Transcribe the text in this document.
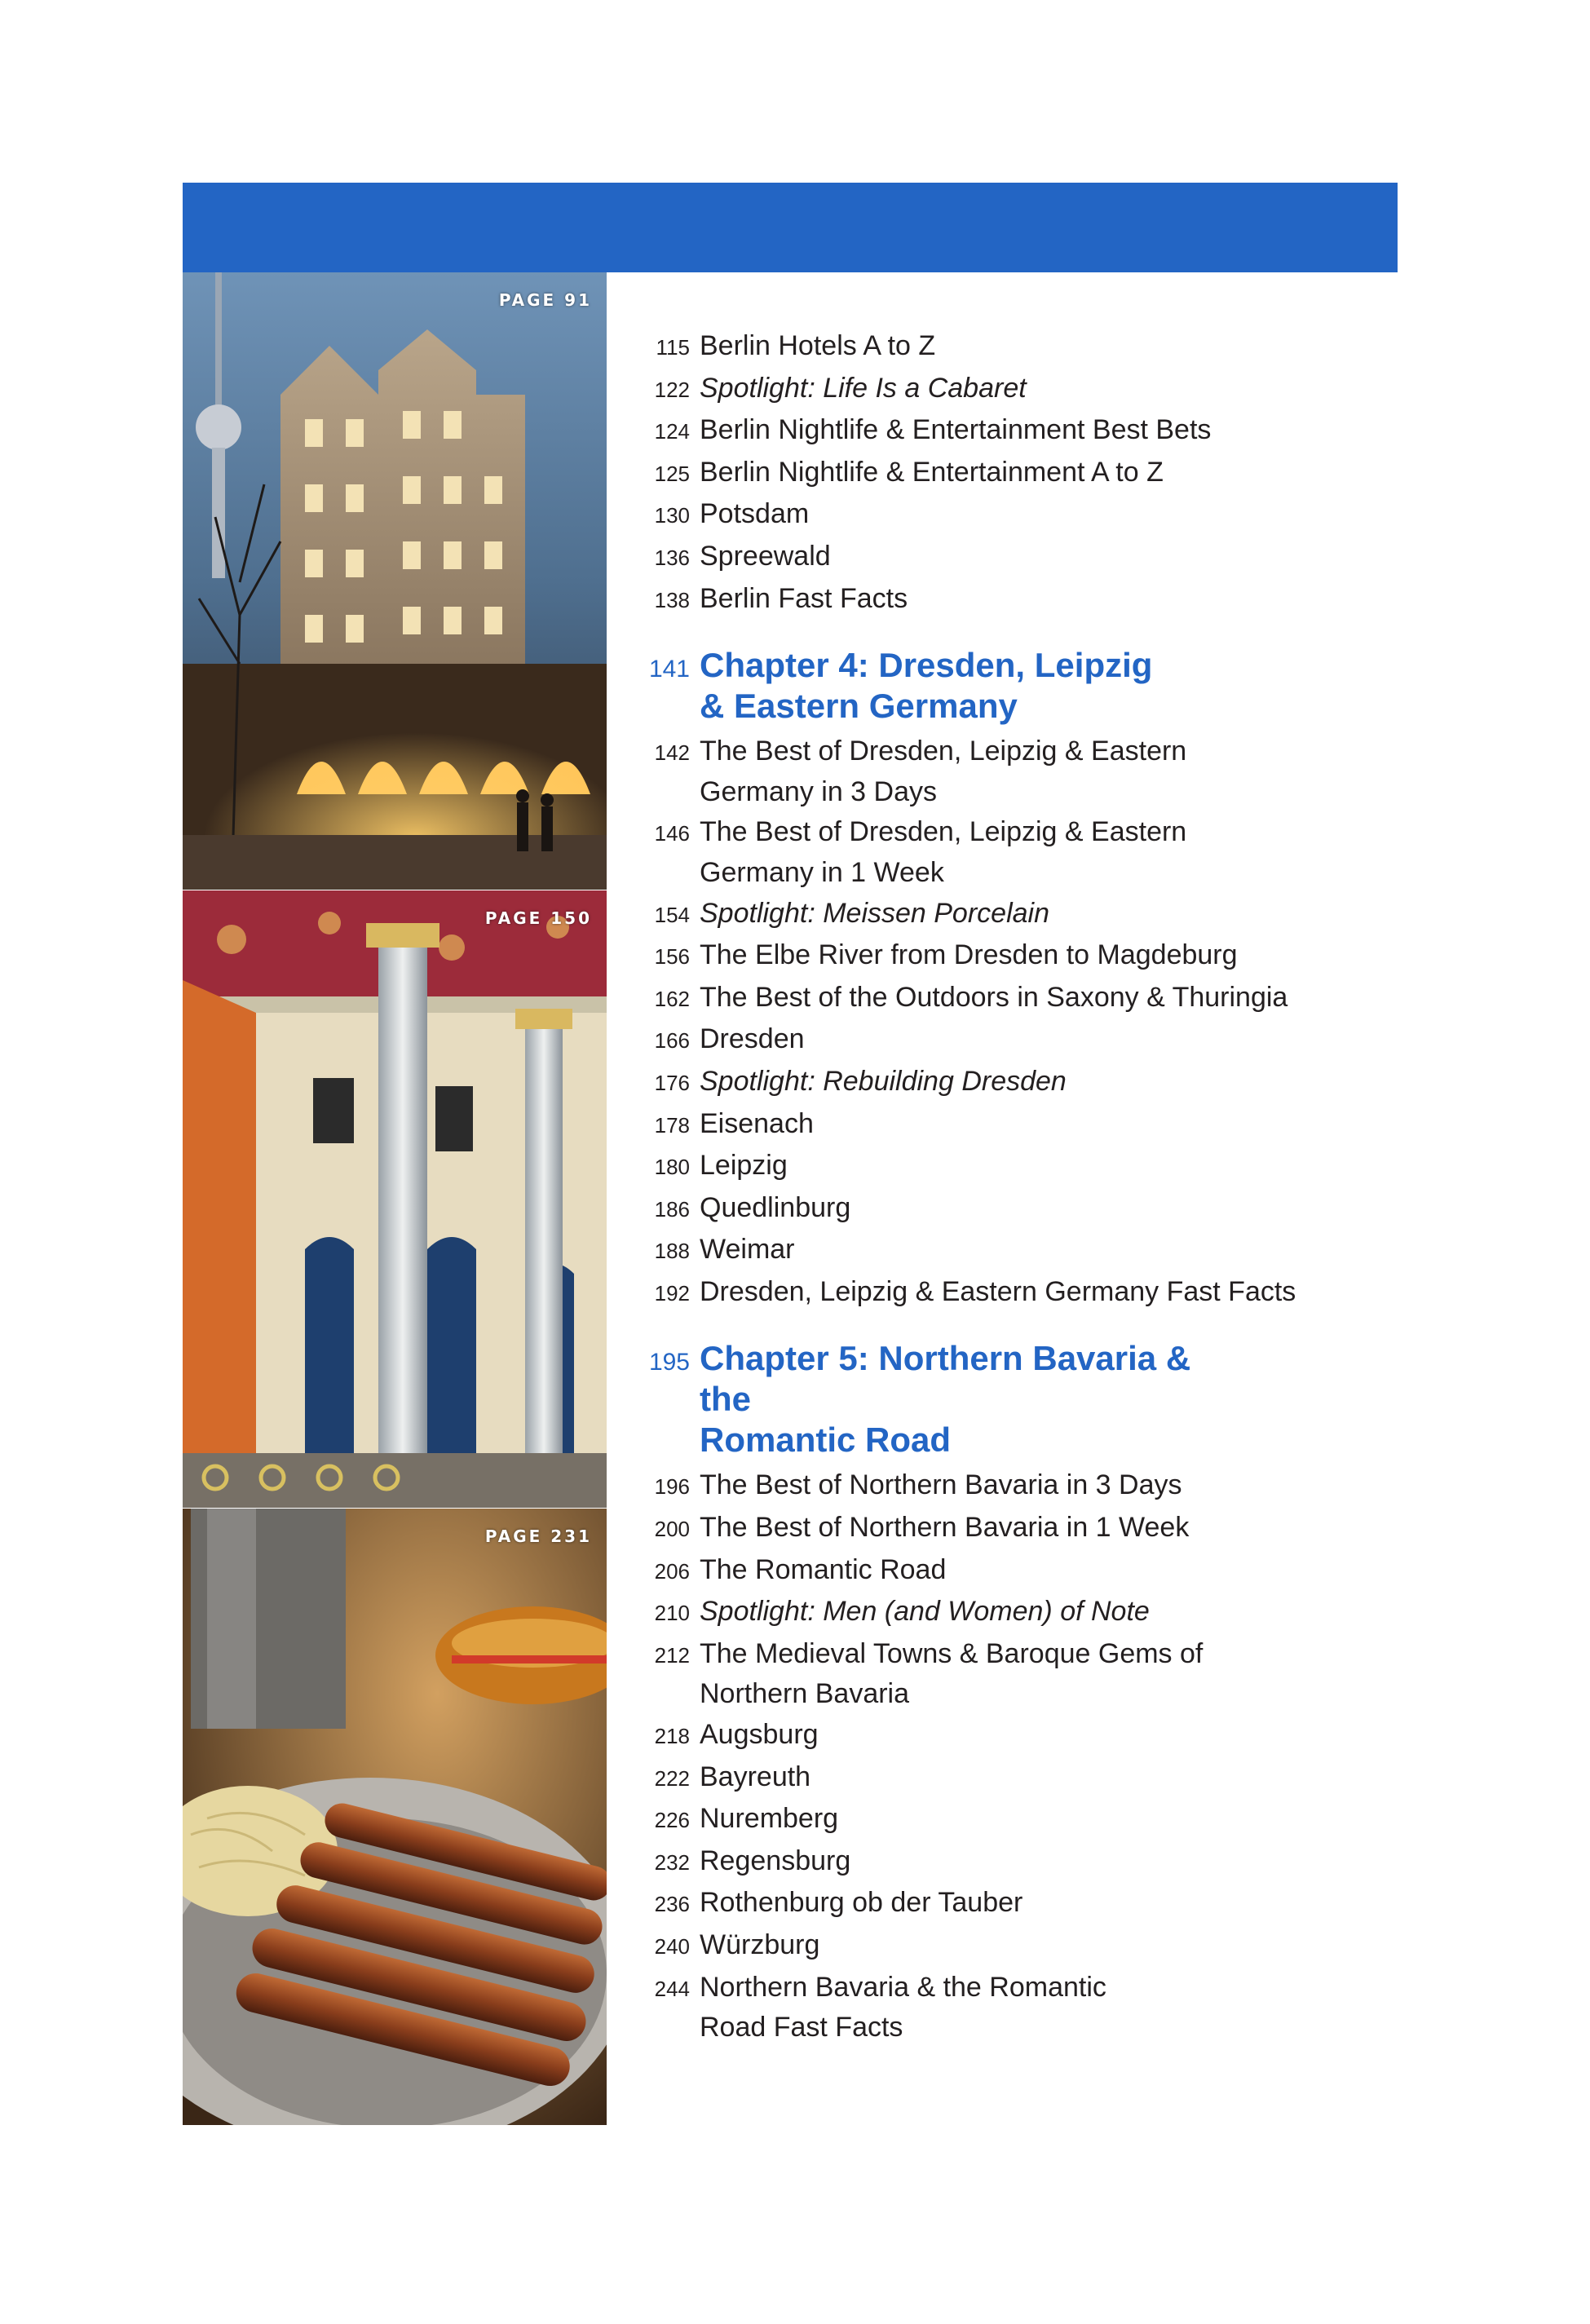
PAGE 91
PAGE 150
PAGE 231
115 Berlin Hotels A to Z
122 Spotlight: Life Is a Cabaret
124 Berlin Nightlife & Entertainment Best Bets
125 Berlin Nightlife & Entertainment A to Z
130 Potsdam
136 Spreewald
138 Berlin Fast Facts
141 Chapter 4: Dresden, Leipzig
& Eastern Germany
142 The Best of Dresden, Leipzig & Eastern
Germany in 3 Days
146 The Best of Dresden, Leipzig & Eastern
Germany in 1 Week
154 Spotlight: Meissen Porcelain
156 The Elbe River from Dresden to Magdeburg
162 The Best of the Outdoors in Saxony & Thuringia
166 Dresden
176 Spotlight: Rebuilding Dresden
178 Eisenach
180 Leipzig
186 Quedlinburg
188 Weimar
192 Dresden, Leipzig & Eastern Germany Fast Facts
195 Chapter 5: Northern Bavaria & the
Romantic Road
196 The Best of Northern Bavaria in 3 Days
200 The Best of Northern Bavaria in 1 Week
206 The Romantic Road
210 Spotlight: Men (and Women) of Note
212 The Medieval Towns & Baroque Gems of
Northern Bavaria
218 Augsburg
222 Bayreuth
226 Nuremberg
232 Regensburg
236 Rothenburg ob der Tauber
240 Würzburg
244 Northern Bavaria & the Romantic
Road Fast Facts
